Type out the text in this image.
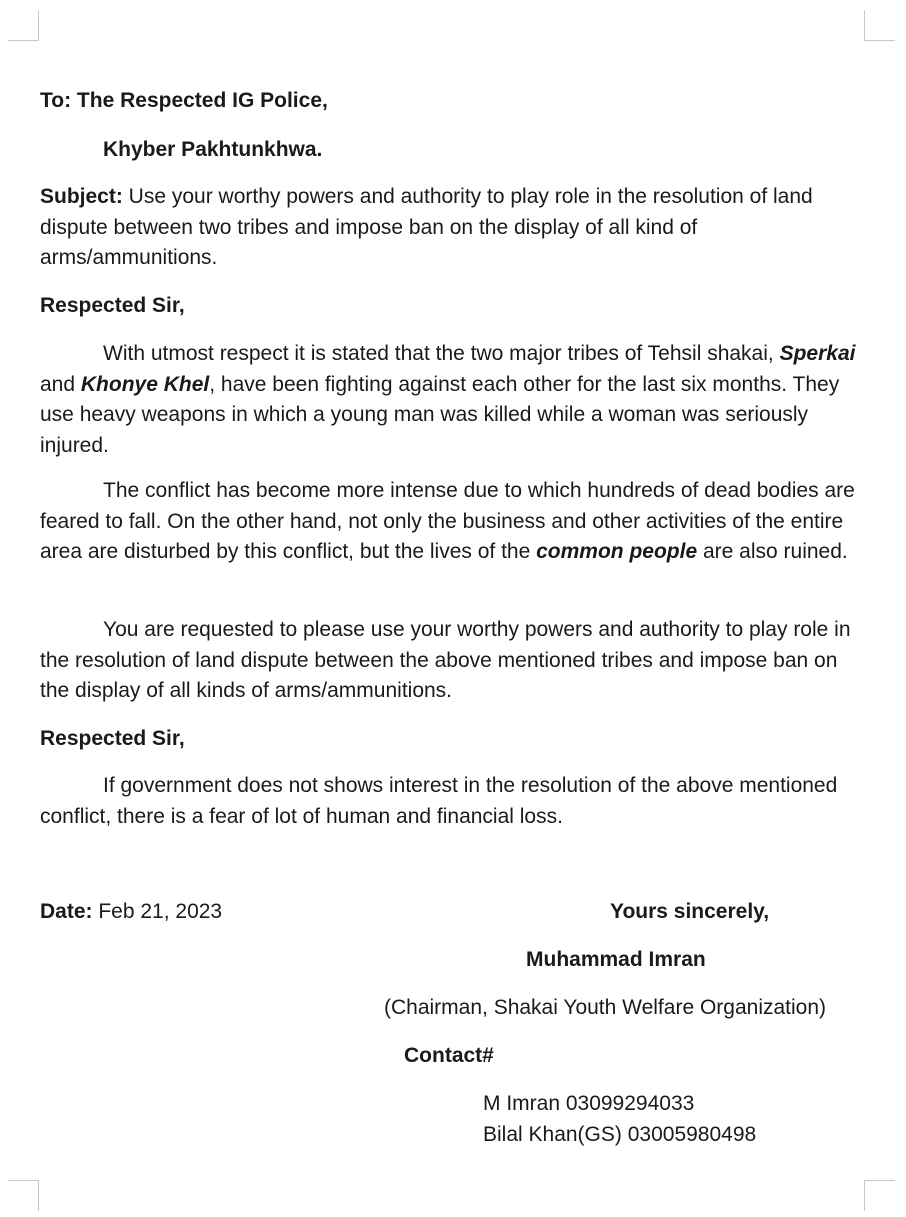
To: The Respected IG Police,
Khyber Pakhtunkhwa.

Subject: Use your worthy powers and authority to play role in the resolution of land dispute between two tribes and impose ban on the display of all kind of arms/ammunitions.

Respected Sir,

With utmost respect it is stated that the two major tribes of Tehsil shakai, Sperkai and Khonye Khel, have been fighting against each other for the last six months. They use heavy weapons in which a young man was killed while a woman was seriously injured.

The conflict has become more intense due to which hundreds of dead bodies are feared to fall. On the other hand, not only the business and other activities of the entire area are disturbed by this conflict, but the lives of the common people are also ruined.

You are requested to please use your worthy powers and authority to play role in the resolution of land dispute between the above mentioned tribes and impose ban on the display of all kinds of arms/ammunitions.

Respected Sir,

If government does not shows interest in the resolution of the above mentioned conflict, there is a fear of lot of human and financial loss.

Date: Feb 21, 2023	Yours sincerely,
Muhammad Imran
(Chairman, Shakai Youth Welfare Organization)
Contact#
M Imran 03099294033
Bilal Khan(GS) 03005980498
